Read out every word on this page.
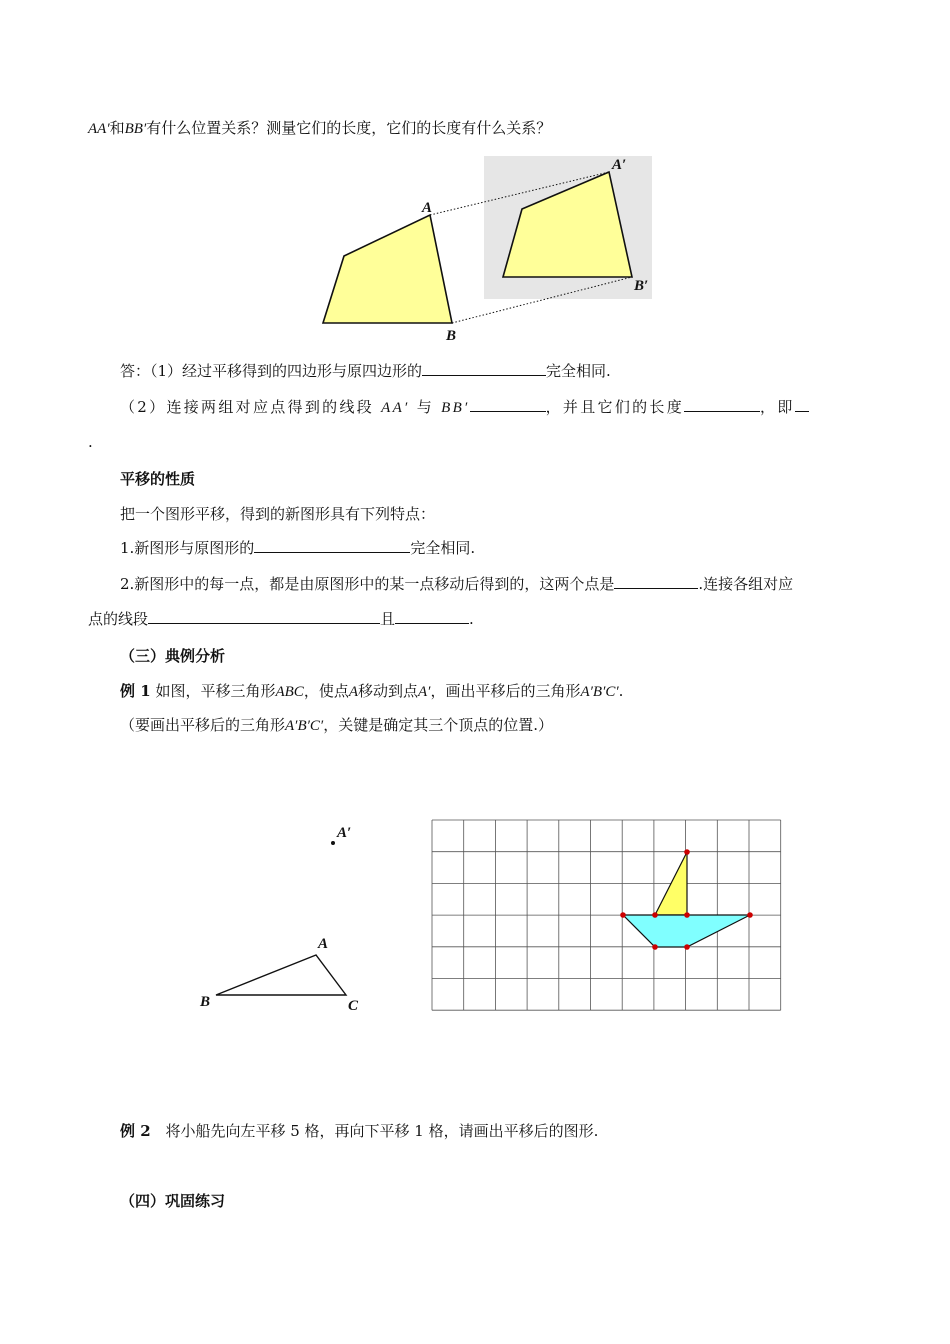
AA′和BB′有什么位置关系？测量它们的长度，它们的长度有什么关系？
A
B
A′
B′
答：（1）经过平移得到的四边形与原四边形的	完全相同.
（2）连接两组对应点得到的线段 AA′ 与 BB′	，并且它们的长度	，即
.
平移的性质
把一个图形平移，得到的新图形具有下列特点：
1.新图形与原图形的	完全相同.
2.新图形中的每一点，都是由原图形中的某一点移动后得到的，这两个点是	.连接各组对应
点的线段	且	.
（三）典例分析
例 1 如图，平移三角形ABC，使点A移动到点A′，画出平移后的三角形A′B′C′.
（要画出平移后的三角形A′B′C′，关键是确定其三个顶点的位置.）
A′
A
B	C
例 2 将小船先向左平移 5 格，再向下平移 1 格，请画出平移后的图形.
（四）巩固练习
